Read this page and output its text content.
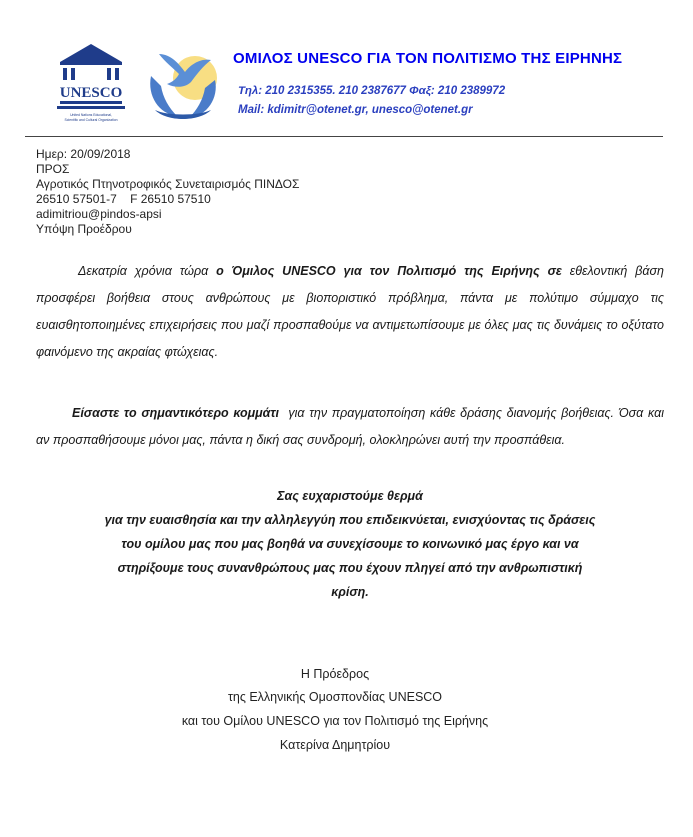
UNESCO
United Nations Educational,
Scientific and Cultural Organization
ΟΜΙΛΟΣ UNESCO ΓΙΑ ΤΟΝ ΠΟΛΙΤΙΣΜΟ ΤΗΣ ΕΙΡΗΝΗΣ
Τηλ: 210 2315355. 210 2387677 Φαξ: 210 2389972
Mail: kdimitr@otenet.gr, unesco@otenet.gr
Ημερ: 20/09/2018
ΠΡΟΣ
Αγροτικός Πτηνοτροφικός Συνεταιρισμός ΠΙΝΔΟΣ
26510 57501-7    F 26510 57510
adimitriou@pindos-apsi
Υπόψη Προέδρου
Δεκατρία χρόνια τώρα ο Όμιλος UNESCO για τον Πολιτισμό της Ειρήνης σε εθελοντική βάση προσφέρει βοήθεια στους ανθρώπους με βιοποριστικό πρόβλημα, πάντα με πολύτιμο σύμμαχο τις ευαισθητοποιημένες επιχειρήσεις που μαζί προσπαθούμε να αντιμετωπίσουμε με όλες μας τις δυνάμεις το οξύτατο φαινόμενο της ακραίας φτώχειας.
Είσαστε το σημαντικότερο κομμάτι  για την πραγματοποίηση κάθε δράσης διανομής βοήθειας. Όσα και αν προσπαθήσουμε μόνοι μας, πάντα η δική σας συνδρομή, ολοκληρώνει αυτή την προσπάθεια.
Σας ευχαριστούμε θερμά
για την ευαισθησία και την αλληλεγγύη που επιδεικνύεται, ενισχύοντας τις δράσεις
του ομίλου μας που μας βοηθά να συνεχίσουμε το κοινωνικό μας έργο και να
στηρίξουμε τους συνανθρώπους μας που έχουν πληγεί από την ανθρωπιστική
κρίση.
Η Πρόεδρος
της Ελληνικής Ομοσπονδίας UNESCO
και του Ομίλου UNESCO για τον Πολιτισμό της Ειρήνης
Κατερίνα Δημητρίου
